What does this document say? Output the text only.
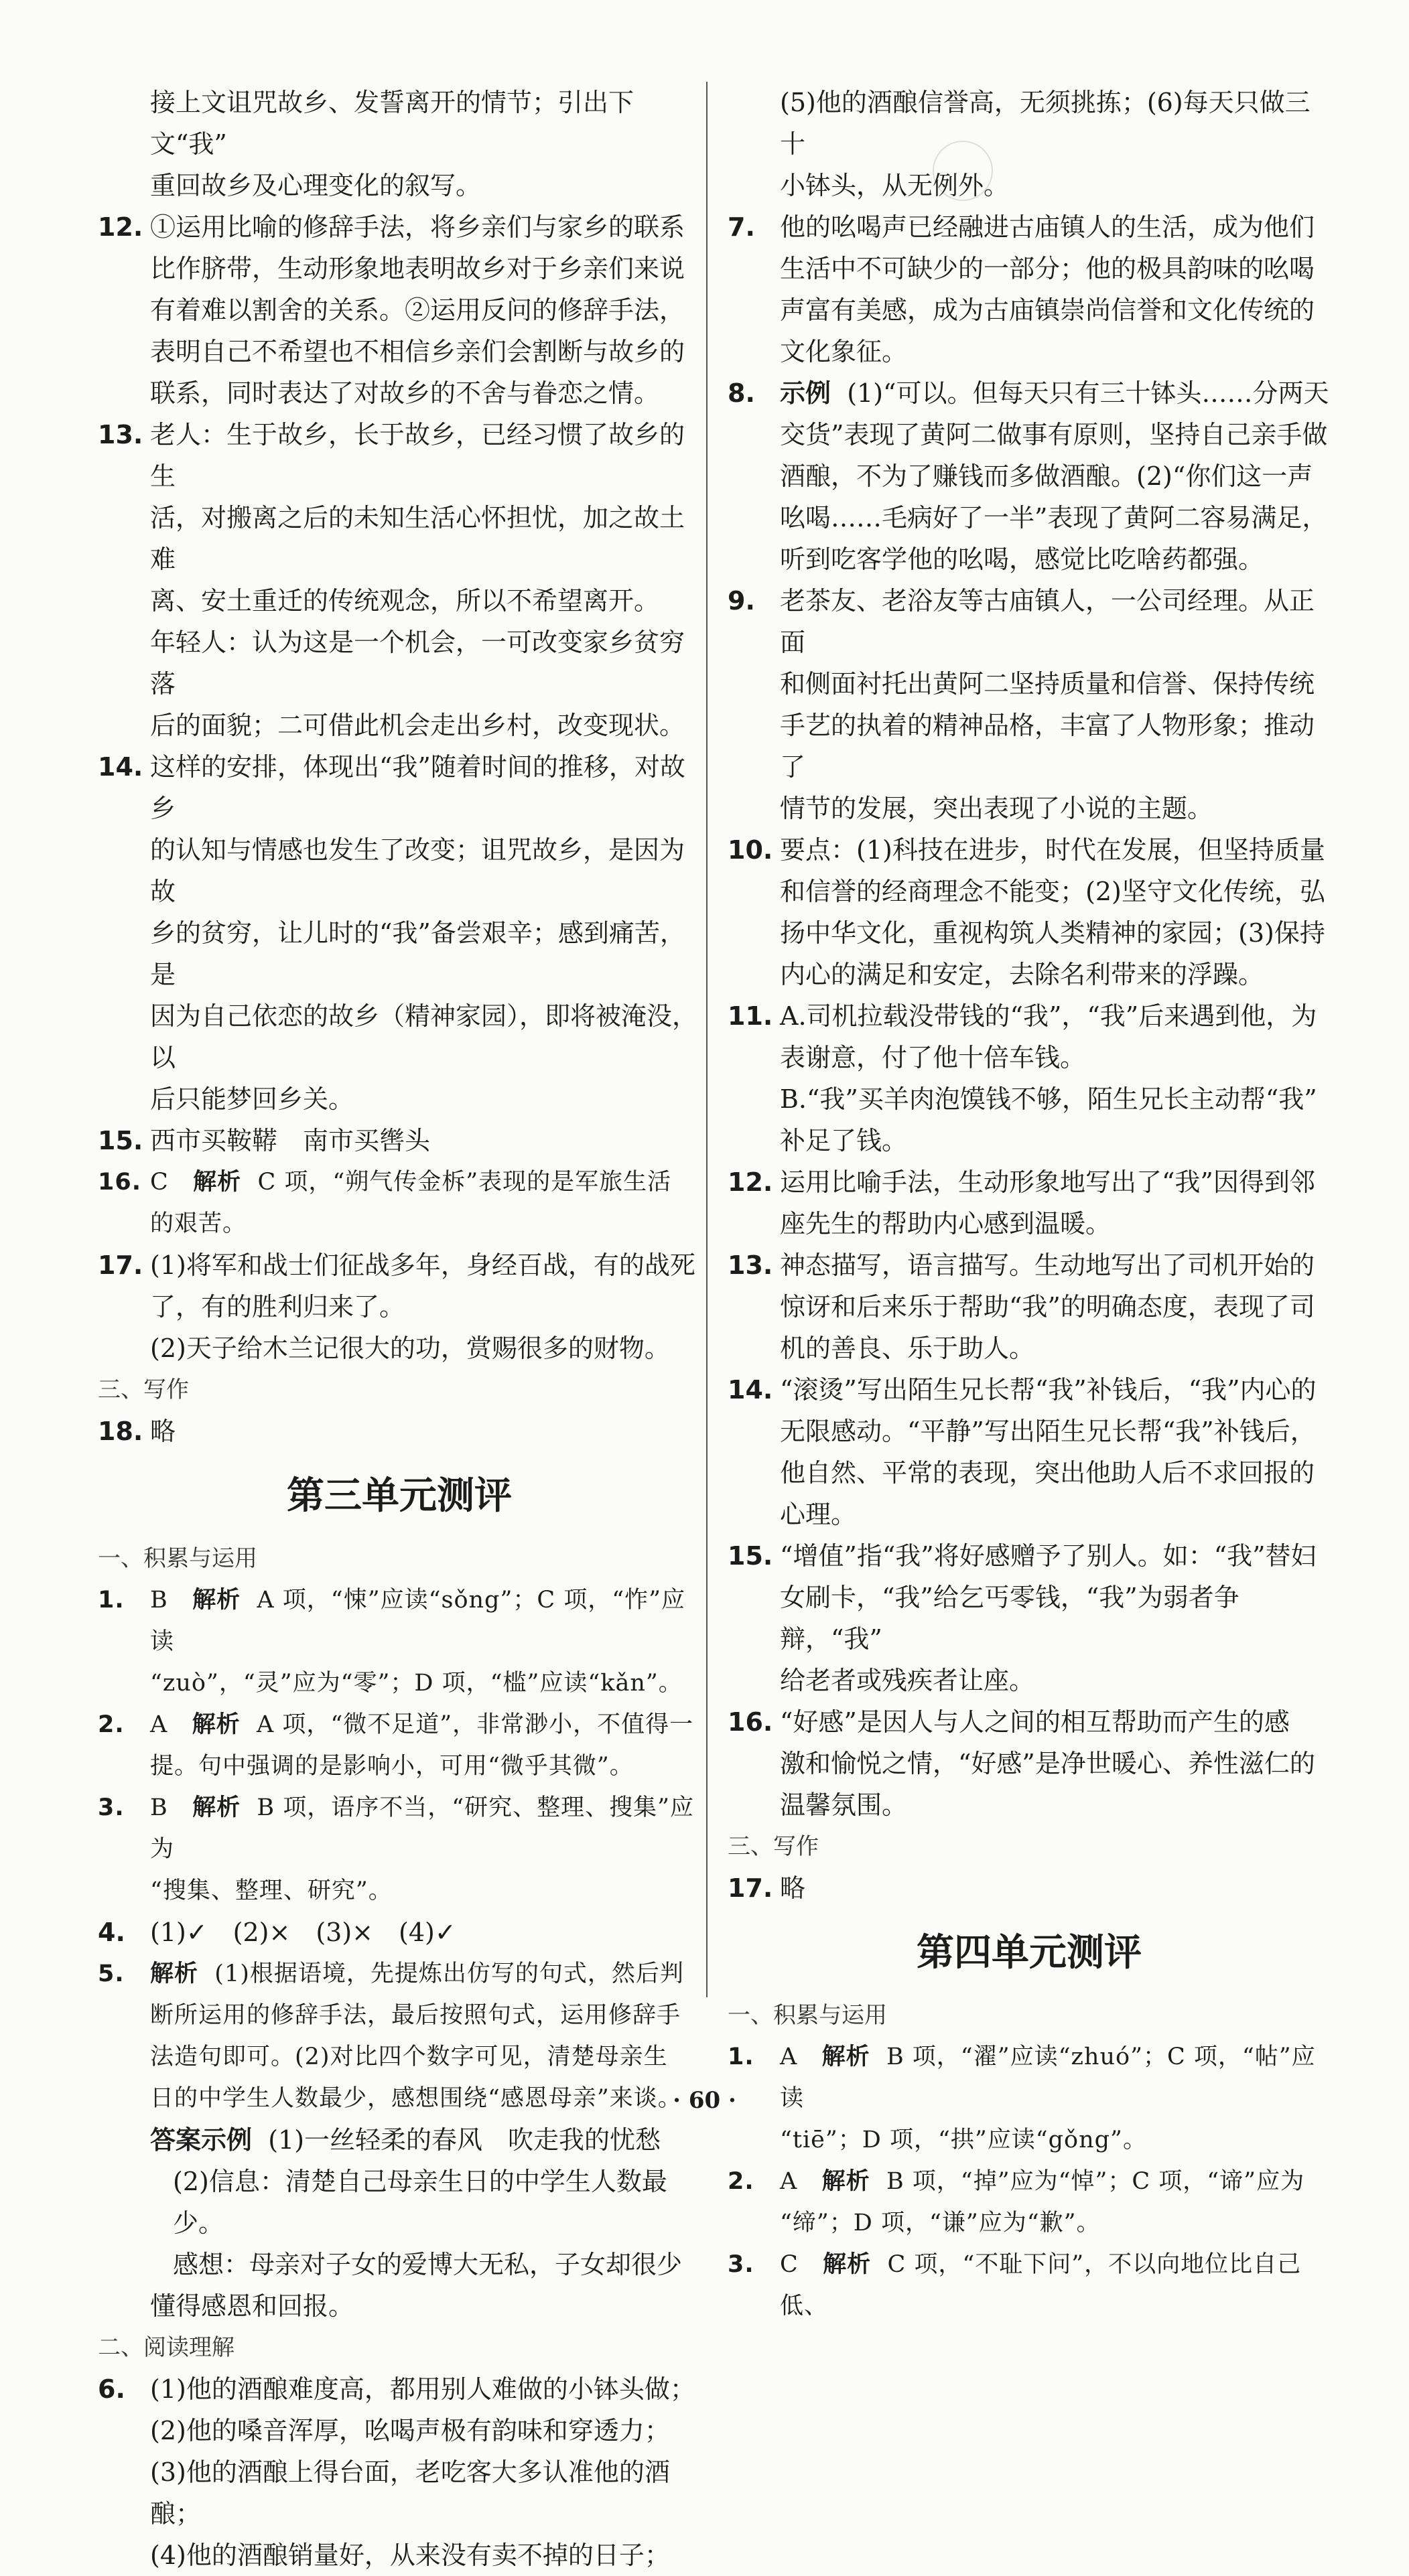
接上文诅咒故乡、发誓离开的情节；引出下文“我”
重回故乡及心理变化的叙写。

12. ①运用比喻的修辞手法，将乡亲们与家乡的联系
比作脐带，生动形象地表明故乡对于乡亲们来说
有着难以割舍的关系。②运用反问的修辞手法，
表明自己不希望也不相信乡亲们会割断与故乡的
联系，同时表达了对故乡的不舍与眷恋之情。
13. 老人：生于故乡，长于故乡，已经习惯了故乡的生
活，对搬离之后的未知生活心怀担忧，加之故土难
离、安土重迁的传统观念，所以不希望离开。
年轻人：认为这是一个机会，一可改变家乡贫穷落
后的面貌；二可借此机会走出乡村，改变现状。
14. 这样的安排，体现出“我”随着时间的推移，对故乡
的认知与情感也发生了改变；诅咒故乡，是因为故
乡的贫穷，让儿时的“我”备尝艰辛；感到痛苦，是
因为自己依恋的故乡（精神家园），即将被淹没，以
后只能梦回乡关。
15. 西市买鞍鞯　南市买辔头
16. C 解析 C 项，“朔气传金柝”表现的是军旅生活
的艰苦。
17. (1)将军和战士们征战多年，身经百战，有的战死
了，有的胜利归来了。
(2)天子给木兰记很大的功，赏赐很多的财物。

三、写作

18. 略
第三单元测评

一、积累与运用

1. B 解析 A 项，“悚”应读“sǒng”；C 项，“怍”应读
“zuò”，“灵”应为“零”；D 项，“槛”应读“kǎn”。
2. A 解析 A 项，“微不足道”，非常渺小，不值得一
提。句中强调的是影响小，可用“微乎其微”。
3. B 解析 B 项，语序不当，“研究、整理、搜集”应为
“搜集、整理、研究”。
4. (1)✓　(2)×　(3)×　(4)✓
5. 解析 (1)根据语境，先提炼出仿写的句式，然后判
断所运用的修辞手法，最后按照句式，运用修辞手
法造句即可。(2)对比四个数字可见，清楚母亲生
日的中学生人数最少，感想围绕“感恩母亲”来谈。

答案示例 (1)一丝轻柔的春风　吹走我的忧愁

(2)信息：清楚自己母亲生日的中学生人数最少。
感想：母亲对子女的爱博大无私，子女却很少

懂得感恩和回报。

二、阅读理解

6. (1)他的酒酿难度高，都用别人难做的小钵头做；
(2)他的嗓音浑厚，吆喝声极有韵味和穿透力；
(3)他的酒酿上得台面，老吃客大多认准他的酒酿；
(4)他的酒酿销量好，从来没有卖不掉的日子；

(5)他的酒酿信誉高，无须挑拣；(6)每天只做三十
小钵头，从无例外。

7. 他的吆喝声已经融进古庙镇人的生活，成为他们
生活中不可缺少的一部分；他的极具韵味的吆喝
声富有美感，成为古庙镇崇尚信誉和文化传统的
文化象征。
8. 示例 (1)“可以。但每天只有三十钵头……分两天
交货”表现了黄阿二做事有原则，坚持自己亲手做
酒酿，不为了赚钱而多做酒酿。(2)“你们这一声
吆喝……毛病好了一半”表现了黄阿二容易满足，
听到吃客学他的吆喝，感觉比吃啥药都强。
9. 老茶友、老浴友等古庙镇人，一公司经理。从正面
和侧面衬托出黄阿二坚持质量和信誉、保持传统
手艺的执着的精神品格，丰富了人物形象；推动了
情节的发展，突出表现了小说的主题。
10. 要点：(1)科技在进步，时代在发展，但坚持质量
和信誉的经商理念不能变；(2)坚守文化传统，弘
扬中华文化，重视构筑人类精神的家园；(3)保持
内心的满足和安定，去除名利带来的浮躁。
11. A.司机拉载没带钱的“我”，“我”后来遇到他，为
表谢意，付了他十倍车钱。
B.“我”买羊肉泡馍钱不够，陌生兄长主动帮“我”
补足了钱。
12. 运用比喻手法，生动形象地写出了“我”因得到邻
座先生的帮助内心感到温暖。
13. 神态描写，语言描写。生动地写出了司机开始的
惊讶和后来乐于帮助“我”的明确态度，表现了司
机的善良、乐于助人。
14. “滚烫”写出陌生兄长帮“我”补钱后，“我”内心的
无限感动。“平静”写出陌生兄长帮“我”补钱后，
他自然、平常的表现，突出他助人后不求回报的
心理。
15. “增值”指“我”将好感赠予了别人。如：“我”替妇
女刷卡，“我”给乞丐零钱，“我”为弱者争辩，“我”
给老者或残疾者让座。
16. “好感”是因人与人之间的相互帮助而产生的感
激和愉悦之情，“好感”是净世暖心、养性滋仁的
温馨氛围。

三、写作

17. 略
第四单元测评

一、积累与运用

1. A 解析 B 项，“濯”应读“zhuó”；C 项，“帖”应读
“tiē”；D 项，“拱”应读“gǒng”。
2. A 解析 B 项，“掉”应为“悼”；C 项，“谛”应为
“缔”；D 项，“谦”应为“歉”。
3. C 解析 C 项，“不耻下问”，不以向地位比自己低、
· 60 ·
